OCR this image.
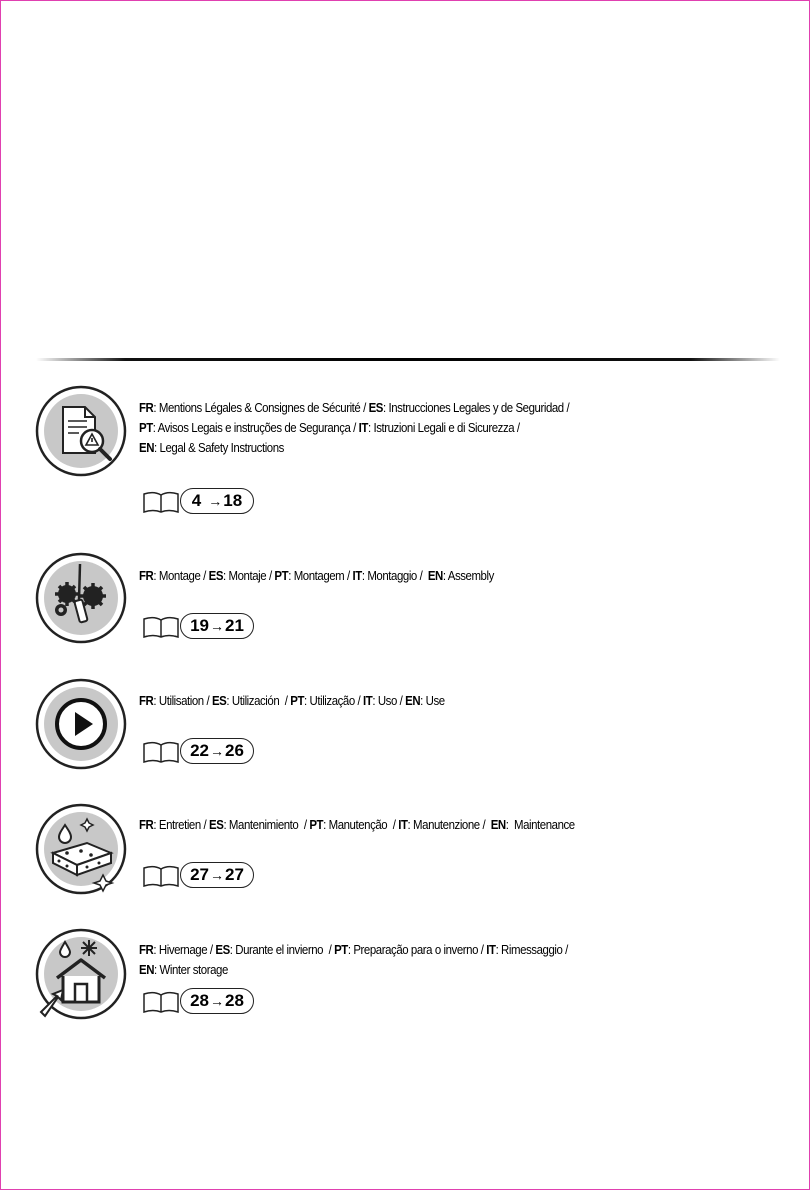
FR: Mentions Légales & Consignes de Sécurité / ES: Instrucciones Legales y de Seguridad /
PT: Avisos Legais e instruções de Segurança / IT: Istruzioni Legali e di Sicurezza /
EN: Legal & Safety Instructions
4 → 18
FR: Montage / ES: Montaje / PT: Montagem / IT: Montaggio /  EN: Assembly
19 → 21
FR: Utilisation / ES: Utilización  / PT: Utilização / IT: Uso / EN: Use
22 → 26
FR: Entretien / ES: Mantenimiento  / PT: Manutenção  / IT: Manutenzione /  EN:  Maintenance
27 → 27
FR: Hivernage / ES: Durante el invierno  / PT: Preparação para o inverno / IT: Rimessaggio /
EN: Winter storage
28 → 28
